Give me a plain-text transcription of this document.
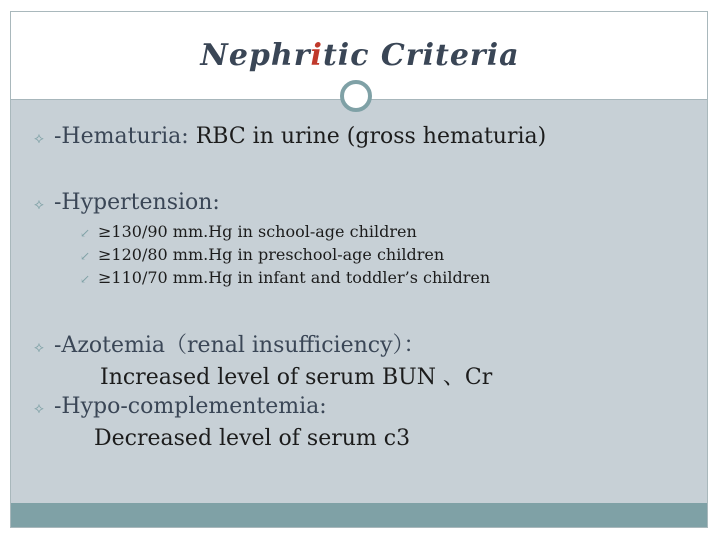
Nephritic Criteria
⟡ -Hematuria: RBC in urine (gross hematuria)
⟡ -Hypertension:
↙ ≥130/90 mm.Hg in school-age children
↙ ≥120/80 mm.Hg in preschool-age children
↙ ≥110/70 mm.Hg in infant and toddler’s children
⟡ -Azotemia（renal insufficiency）：
Increased level of serum BUN 、Cr
⟡ -Hypo-complementemia:
Decreased level of serum c3
